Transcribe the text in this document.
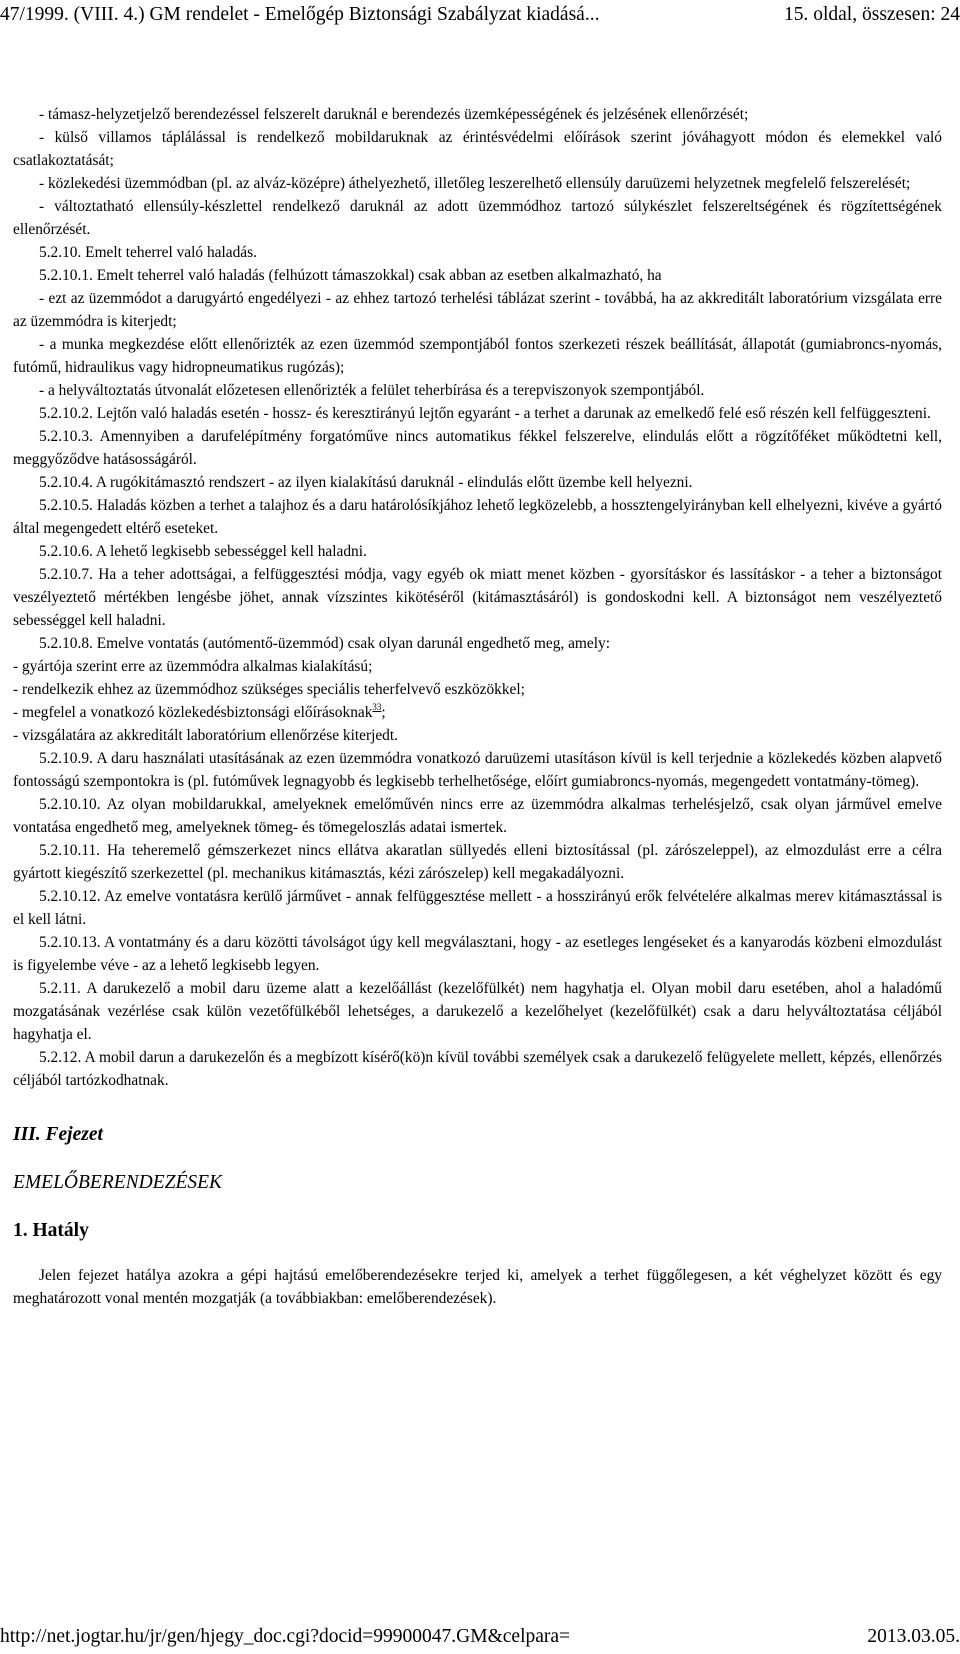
47/1999. (VIII. 4.) GM rendelet - Emelőgép Biztonsági Szabályzat kiadásá...	15. oldal, összesen: 24

- támasz-helyzetjelző berendezéssel felszerelt daruknál e berendezés üzemképességének és jelzésének ellenőrzését;

- külső villamos táplálással is rendelkező mobildaruknak az érintésvédelmi előírások szerint jóváhagyott módon és elemekkel való csatlakoztatását;

- közlekedési üzemmódban (pl. az alváz-középre) áthelyezhető, illetőleg leszerelhető ellensúly daruüzemi helyzetnek megfelelő felszerelését;

- változtatható ellensúly-készlettel rendelkező daruknál az adott üzemmódhoz tartozó súlykészlet felszereltségének és rögzítettségének ellenőrzését.

5.2.10. Emelt teherrel való haladás.

5.2.10.1. Emelt teherrel való haladás (felhúzott támaszokkal) csak abban az esetben alkalmazható, ha

- ezt az üzemmódot a darugyártó engedélyezi - az ehhez tartozó terhelési táblázat szerint - továbbá, ha az akkreditált laboratórium vizsgálata erre az üzemmódra is kiterjedt;

- a munka megkezdése előtt ellenőrizték az ezen üzemmód szempontjából fontos szerkezeti részek beállítását, állapotát (gumiabroncs-nyomás, futómű, hidraulikus vagy hidropneumatikus rugózás);

- a helyváltoztatás útvonalát előzetesen ellenőrizték a felület teherbírása és a terepviszonyok szempontjából.

5.2.10.2. Lejtőn való haladás esetén - hossz- és keresztirányú lejtőn egyaránt - a terhet a darunak az emelkedő felé eső részén kell felfüggeszteni.

5.2.10.3. Amennyiben a darufelépítmény forgatóműve nincs automatikus fékkel felszerelve, elindulás előtt a rögzítőféket működtetni kell, meggyőződve hatásosságáról.

5.2.10.4. A rugókitámasztó rendszert - az ilyen kialakítású daruknál - elindulás előtt üzembe kell helyezni.

5.2.10.5. Haladás közben a terhet a talajhoz és a daru határolósíkjához lehető legközelebb, a hossztengelyirányban kell elhelyezni, kivéve a gyártó által megengedett eltérő eseteket.

5.2.10.6. A lehető legkisebb sebességgel kell haladni.

5.2.10.7. Ha a teher adottságai, a felfüggesztési módja, vagy egyéb ok miatt menet közben - gyorsításkor és lassításkor - a teher a biztonságot veszélyeztető mértékben lengésbe jöhet, annak vízszintes kikötéséről (kitámasztásáról) is gondoskodni kell. A biztonságot nem veszélyeztető sebességgel kell haladni.

5.2.10.8. Emelve vontatás (autómentő-üzemmód) csak olyan darunál engedhető meg, amely:

- gyártója szerint erre az üzemmódra alkalmas kialakítású;

- rendelkezik ehhez az üzemmódhoz szükséges speciális teherfelvevő eszközökkel;

- megfelel a vonatkozó közlekedésbiztonsági előírásoknak$^{33}$;

- vizsgálatára az akkreditált laboratórium ellenőrzése kiterjedt.

5.2.10.9. A daru használati utasításának az ezen üzemmódra vonatkozó daruüzemi utasításon kívül is kell terjednie a közlekedés közben alapvető fontosságú szempontokra is (pl. futóművek legnagyobb és legkisebb terhelhetősége, előírt gumiabroncs-nyomás, megengedett vontatmány-tömeg).

5.2.10.10. Az olyan mobildarukkal, amelyeknek emelőművén nincs erre az üzemmódra alkalmas terhelésjelző, csak olyan járművel emelve vontatása engedhető meg, amelyeknek tömeg- és tömegeloszlás adatai ismertek.

5.2.10.11. Ha teheremelő gémszerkezet nincs ellátva akaratlan süllyedés elleni biztosítással (pl. zárószeleppel), az elmozdulást erre a célra gyártott kiegészítő szerkezettel (pl. mechanikus kitámasztás, kézi zárószelep) kell megakadályozni.

5.2.10.12. Az emelve vontatásra kerülő járművet - annak felfüggesztése mellett - a hosszirányú erők felvételére alkalmas merev kitámasztással is el kell látni.

5.2.10.13. A vontatmány és a daru közötti távolságot úgy kell megválasztani, hogy - az esetleges lengéseket és a kanyarodás közbeni elmozdulást is figyelembe véve - az a lehető legkisebb legyen.

5.2.11. A darukezelő a mobil daru üzeme alatt a kezelőállást (kezelőfülkét) nem hagyhatja el. Olyan mobil daru esetében, ahol a haladómű mozgatásának vezérlése csak külön vezetőfülkéből lehetséges, a darukezelő a kezelőhelyet (kezelőfülkét) csak a daru helyváltoztatása céljából hagyhatja el.

5.2.12. A mobil darun a darukezelőn és a megbízott kísérő(kö)n kívül további személyek csak a darukezelő felügyelete mellett, képzés, ellenőrzés céljából tartózkodhatnak.

III. Fejezet

EMELŐBERENDEZÉSEK

1. Hatály

Jelen fejezet hatálya azokra a gépi hajtású emelőberendezésekre terjed ki, amelyek a terhet függőlegesen, a két véghelyzet között és egy meghatározott vonal mentén mozgatják (a továbbiakban: emelőberendezések).

http://net.jogtar.hu/jr/gen/hjegy_doc.cgi?docid=99900047.GM&celpara=	2013.03.05.
